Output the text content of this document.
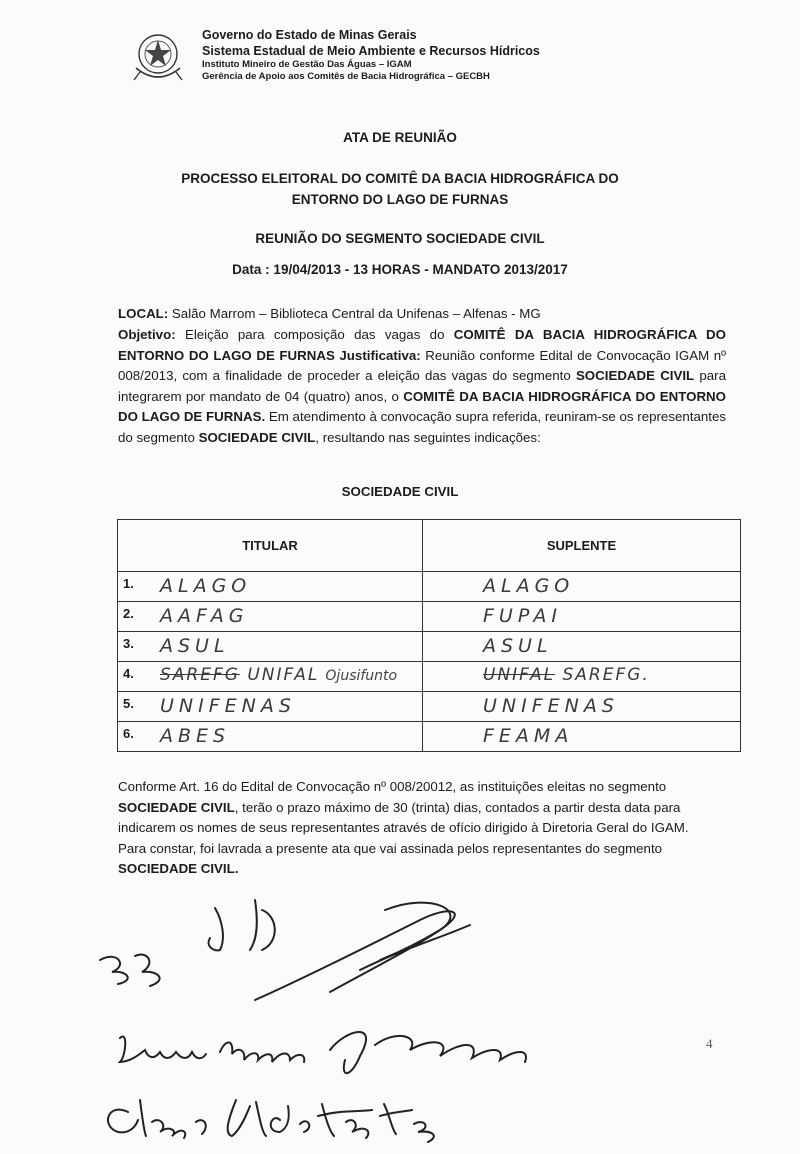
Governo do Estado de Minas Gerais
Sistema Estadual de Meio Ambiente e Recursos Hídricos
Instituto Mineiro de Gestão Das Águas – IGAM
Gerência de Apoio aos Comitês de Bacia Hidrográfica – GECBH
ATA DE REUNIÃO
PROCESSO ELEITORAL DO COMITÊ DA BACIA HIDROGRÁFICA DO
ENTORNO DO LAGO DE FURNAS
REUNIÃO DO SEGMENTO SOCIEDADE CIVIL
Data : 19/04/2013 - 13 HORAS - MANDATO 2013/2017
LOCAL: Salão Marrom – Biblioteca Central da Unifenas – Alfenas - MG
Objetivo: Eleição para composição das vagas do COMITÊ DA BACIA HIDROGRÁFICA DO ENTORNO DO LAGO DE FURNAS Justificativa: Reunião conforme Edital de Convocação IGAM nº 008/2013, com a finalidade de proceder a eleição das vagas do segmento SOCIEDADE CIVIL para integrarem por mandato de 04 (quatro) anos, o COMITÊ DA BACIA HIDROGRÁFICA DO ENTORNO DO LAGO DE FURNAS. Em atendimento à convocação supra referida, reuniram-se os representantes do segmento SOCIEDADE CIVIL, resultando nas seguintes indicações:
SOCIEDADE CIVIL
TITULAR	SUPLENTE

1. ALAGO	ALAGO

2. AAFAG	FUPAI

3. ASUL	ASUL

4. SAREFG UNIFAL Ojusifunto	UNIFAL SAREFG.

5. UNIFENAS	UNIFENAS

6. ABES	FEAMA

Conforme Art. 16 do Edital de Convocação nº 008/20012, as instituições eleitas no segmento SOCIEDADE CIVIL, terão o prazo máximo de 30 (trinta) dias, contados a partir desta data para indicarem os nomes de seus representantes através de ofício dirigido à Diretoria Geral do IGAM.

Para constar, foi lavrada a presente ata que vai assinada pelos representantes do segmento SOCIEDADE CIVIL.

4
